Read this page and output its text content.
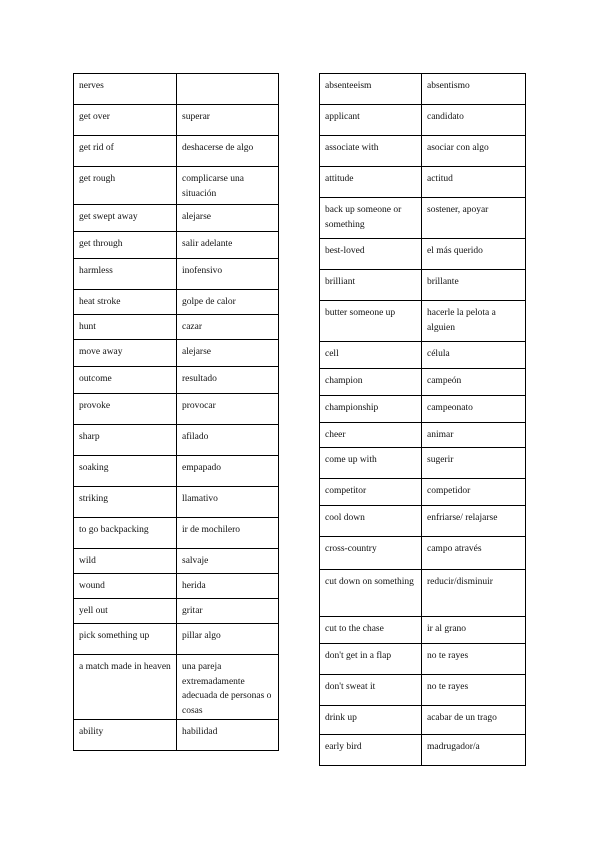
nerves	
get over	superar
get rid of	deshacerse de algo
get rough	complicarse una situación
get swept away	alejarse
get through	salir adelante
harmless	inofensivo
heat stroke	golpe de calor
hunt	cazar
move away	alejarse
outcome	resultado
provoke	provocar
sharp	afilado
soaking	empapado
striking	llamativo
to go backpacking	ir de mochilero
wild	salvaje
wound	herida
yell out	gritar
pick something up	pillar algo
a match made in heaven	una pareja extremadamente adecuada de personas o cosas
ability	habilidad
absenteeism	absentismo
applicant	candidato
associate with	asociar con algo
attitude	actitud
back up someone or something	sostener, apoyar
best-loved	el más querido
brilliant	brillante
butter someone up	hacerle la pelota a alguien
cell	célula
champion	campeón
championship	campeonato
cheer	animar
come up with	sugerir
competitor	competidor
cool down	enfriarse/ relajarse
cross-country	campo através
cut down on something	reducir/disminuir
cut to the chase	ir al grano
don't get in a flap	no te rayes
don't sweat it	no te rayes
drink up	acabar de un trago
early bird	madrugador/a
